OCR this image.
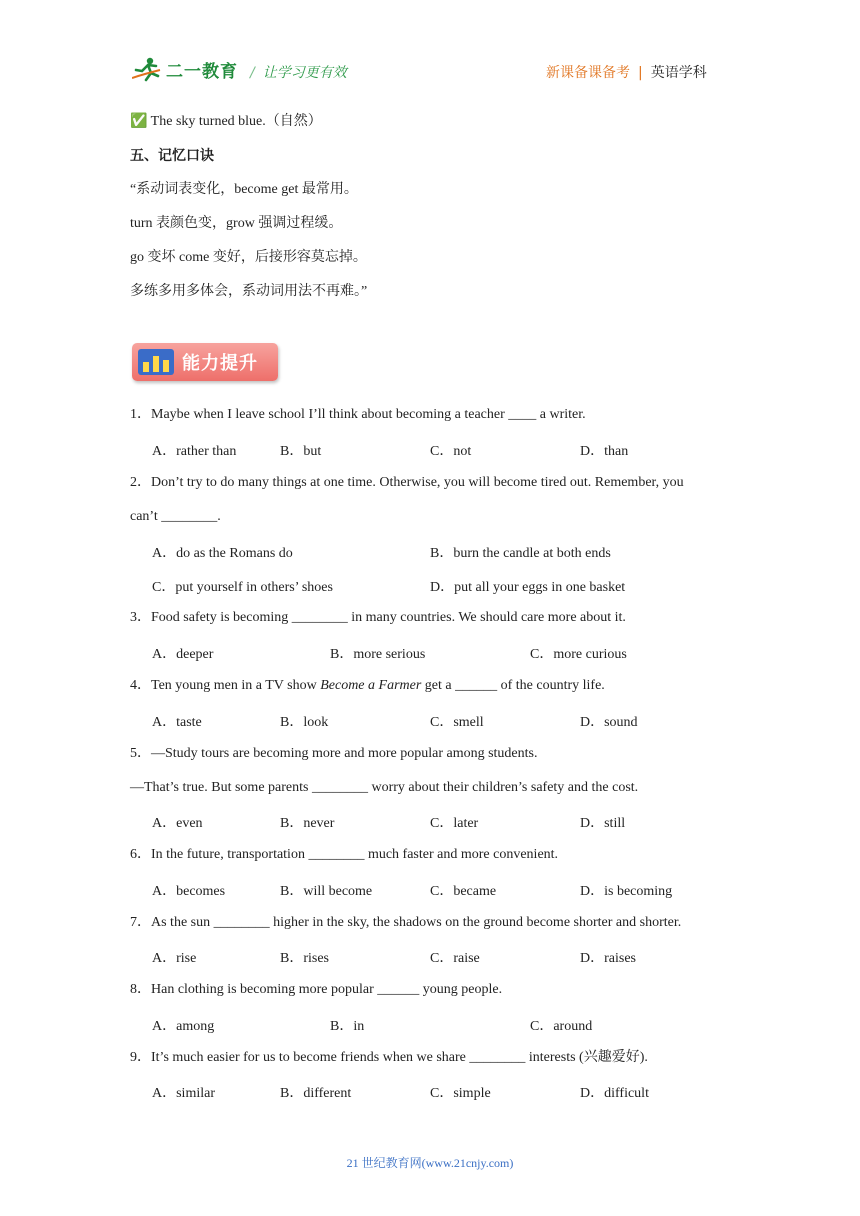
二一教育 / 让学习更有效	新课备课备考 | 英语学科
✅ The sky turned blue.（自然）
五、记忆口诀
“系动词表变化，become get 最常用。
turn 表颜色变，grow 强调过程缓。
go 变坏 come 变好，后接形容莫忘掉。
多练多用多体会，系动词用法不再难。”
能力提升
1．Maybe when I leave school I’ll think about becoming a teacher ____ a writer.
A．rather than	B．but	C．not	D．than
2．Don’t try to do many things at one time. Otherwise, you will become tired out. Remember, you
can’t ________.
A．do as the Romans do	B．burn the candle at both ends
C．put yourself in others’ shoes	D．put all your eggs in one basket
3．Food safety is becoming ________ in many countries. We should care more about it.
A．deeper	B．more serious	C．more curious
4．Ten young men in a TV show Become a Farmer get a ______ of the country life.
A．taste	B．look	C．smell	D．sound
5．—Study tours are becoming more and more popular among students.
—That’s true. But some parents ________ worry about their children’s safety and the cost.
A．even	B．never	C．later	D．still
6．In the future, transportation ________ much faster and more convenient.
A．becomes	B．will become	C．became	D．is becoming
7．As the sun ________ higher in the sky, the shadows on the ground become shorter and shorter.
A．rise	B．rises	C．raise	D．raises
8．Han clothing is becoming more popular ______ young people.
A．among	B．in	C．around
9．It’s much easier for us to become friends when we share ________ interests (兴趣爱好).
A．similar	B．different	C．simple	D．difficult
21 世纪教育网(www.21cnjy.com)
